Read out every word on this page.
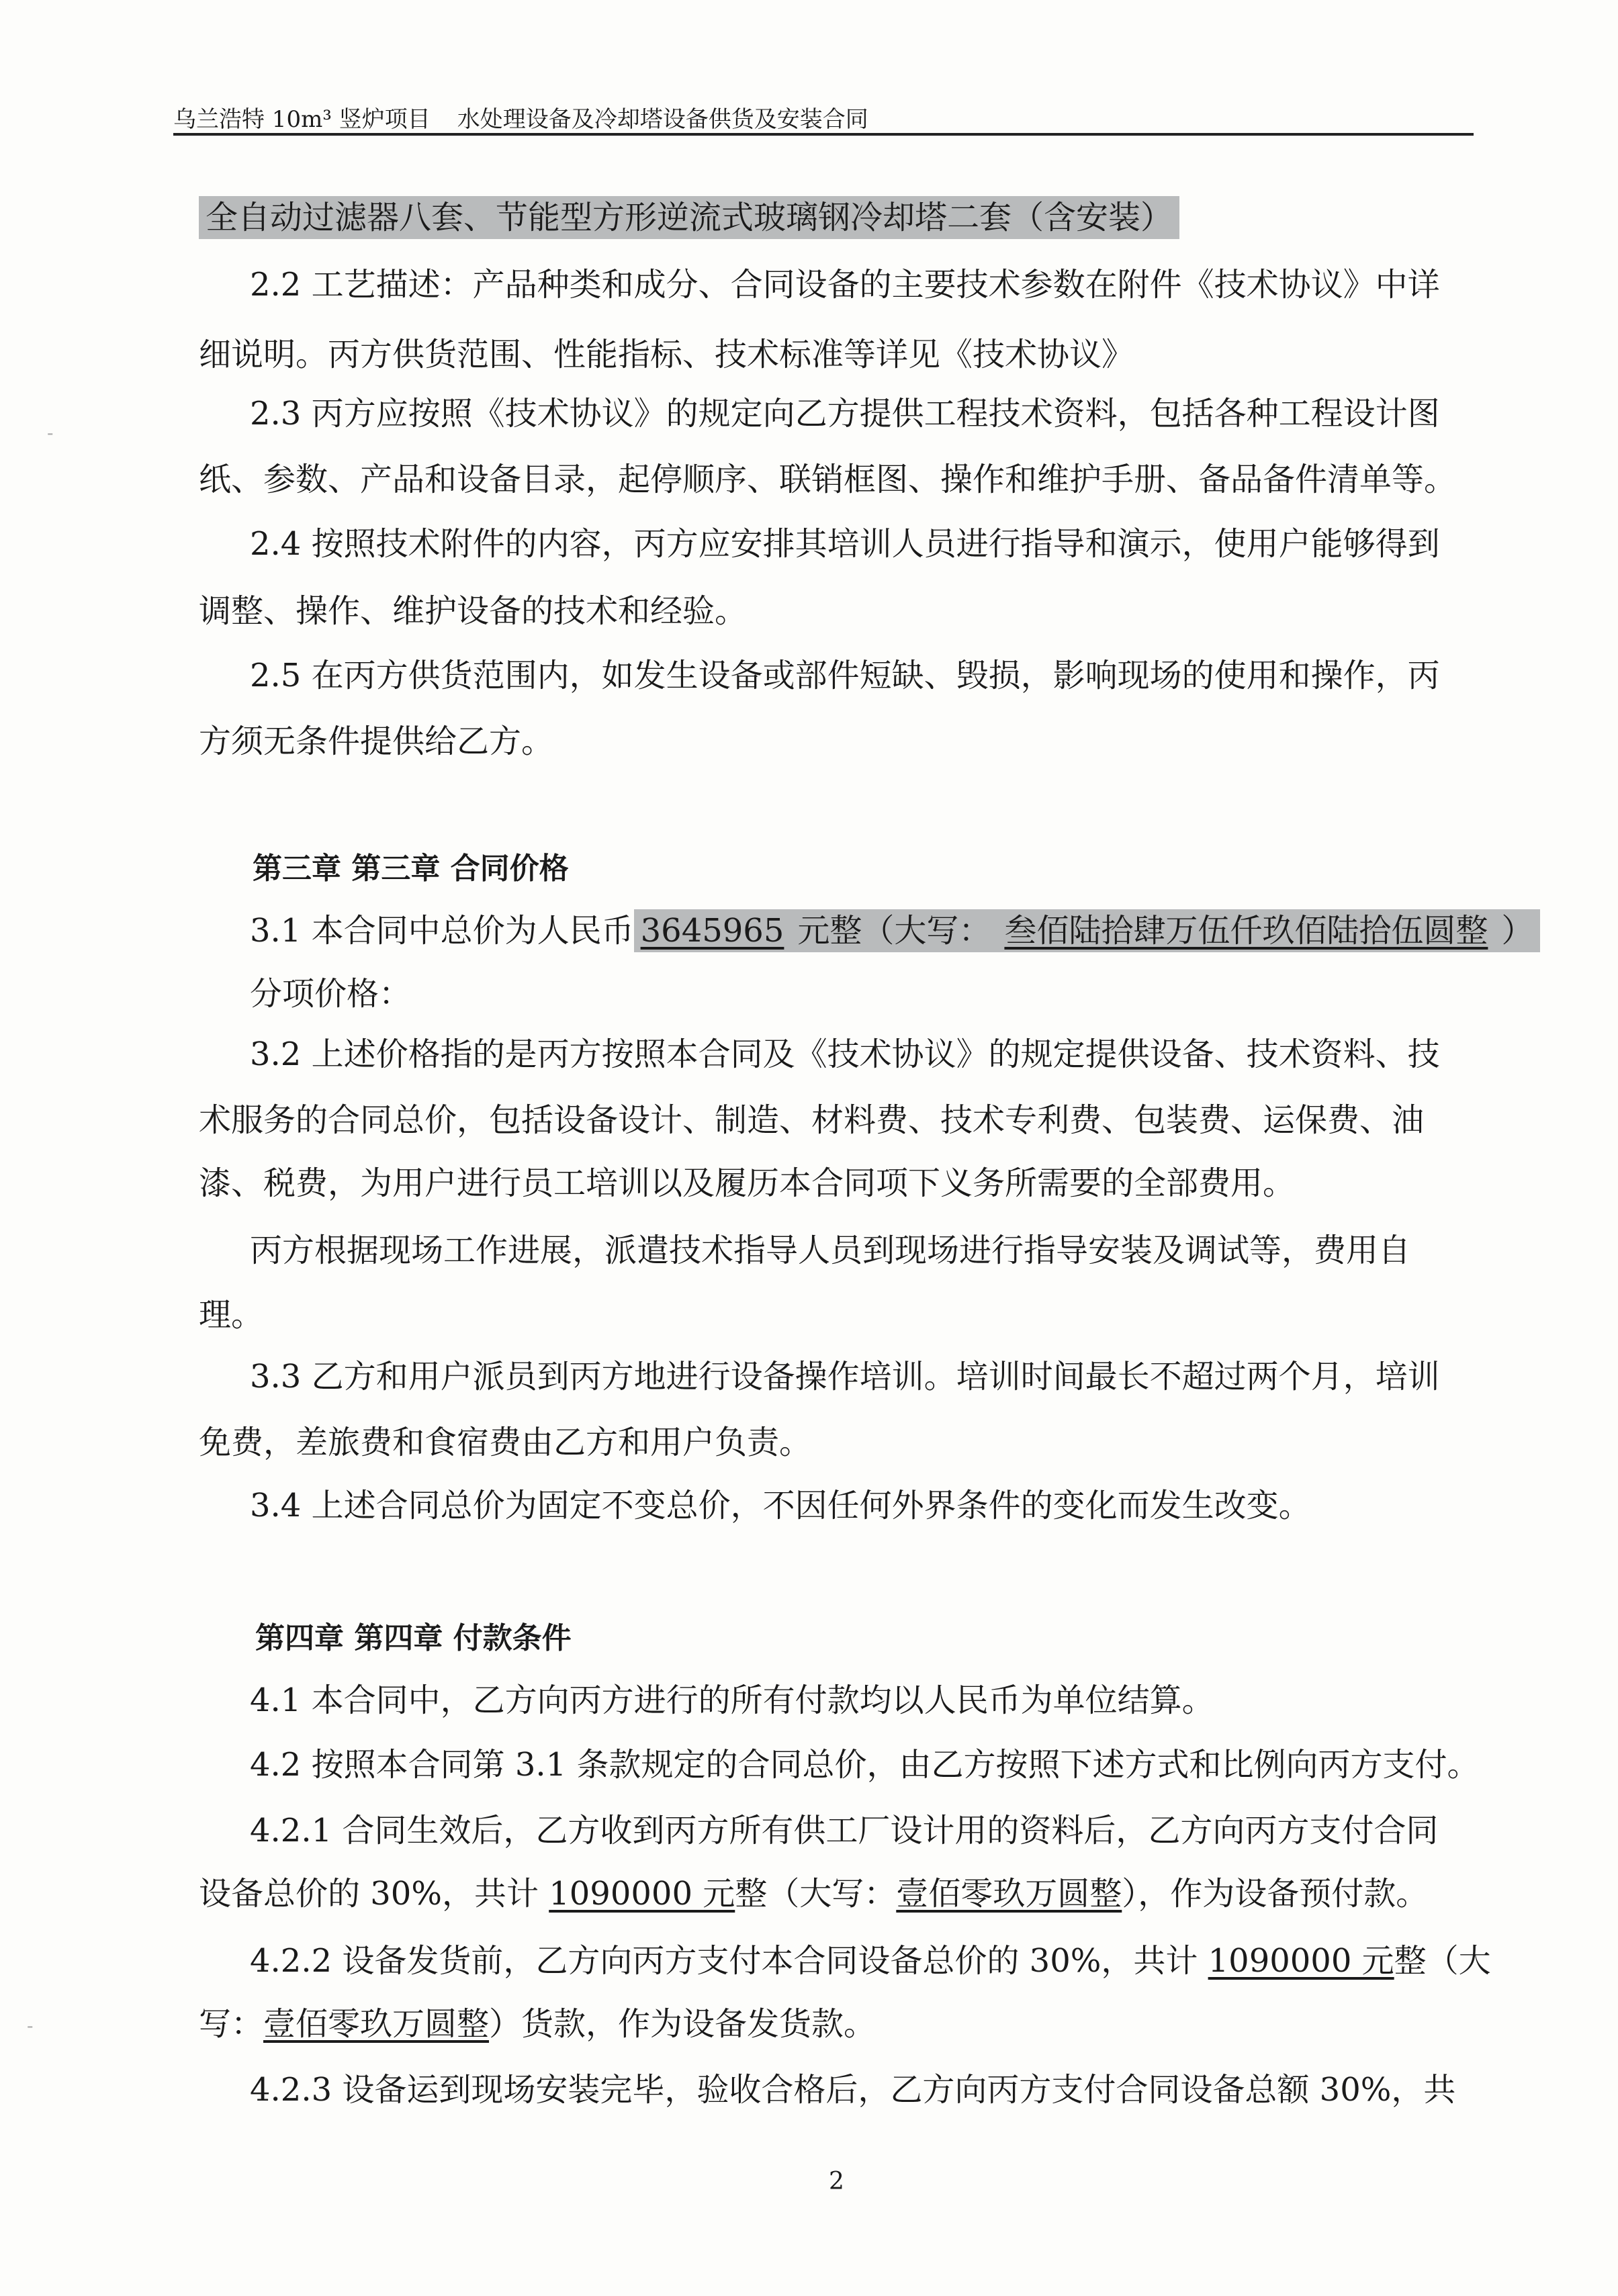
乌兰浩特 10m³ 竖炉项目 水处理设备及冷却塔设备供货及安装合同
-
-
全自动过滤器八套、节能型方形逆流式玻璃钢冷却塔二套（含安装）
2.2 工艺描述：产品种类和成分、合同设备的主要技术参数在附件《技术协议》中详
细说明。丙方供货范围、性能指标、技术标准等详见《技术协议》
2.3 丙方应按照《技术协议》的规定向乙方提供工程技术资料，包括各种工程设计图
纸、参数、产品和设备目录，起停顺序、联销框图、操作和维护手册、备品备件清单等。
2.4 按照技术附件的内容，丙方应安排其培训人员进行指导和演示，使用户能够得到
调整、操作、维护设备的技术和经验。
2.5 在丙方供货范围内，如发生设备或部件短缺、毁损，影响现场的使用和操作，丙
方须无条件提供给乙方。
第三章 第三章 合同价格
3.1 本合同中总价为人民币 3645965 元整（大写： 叁佰陆拾肆万伍仟玖佰陆拾伍圆整 ）
分项价格：
3.2 上述价格指的是丙方按照本合同及《技术协议》的规定提供设备、技术资料、技
术服务的合同总价，包括设备设计、制造、材料费、技术专利费、包装费、运保费、油
漆、税费，为用户进行员工培训以及履历本合同项下义务所需要的全部费用。
丙方根据现场工作进展，派遣技术指导人员到现场进行指导安装及调试等，费用自
理。
3.3 乙方和用户派员到丙方地进行设备操作培训。培训时间最长不超过两个月，培训
免费，差旅费和食宿费由乙方和用户负责。
3.4 上述合同总价为固定不变总价，不因任何外界条件的变化而发生改变。
第四章 第四章 付款条件
4.1 本合同中，乙方向丙方进行的所有付款均以人民币为单位结算。
4.2 按照本合同第 3.1 条款规定的合同总价，由乙方按照下述方式和比例向丙方支付。
4.2.1 合同生效后，乙方收到丙方所有供工厂设计用的资料后，乙方向丙方支付合同
设备总价的 30%，共计 1090000 元整（大写：壹佰零玖万圆整），作为设备预付款。
4.2.2 设备发货前，乙方向丙方支付本合同设备总价的 30%，共计 1090000 元整（大
写：壹佰零玖万圆整）货款，作为设备发货款。
4.2.3 设备运到现场安装完毕，验收合格后，乙方向丙方支付合同设备总额 30%，共
2
